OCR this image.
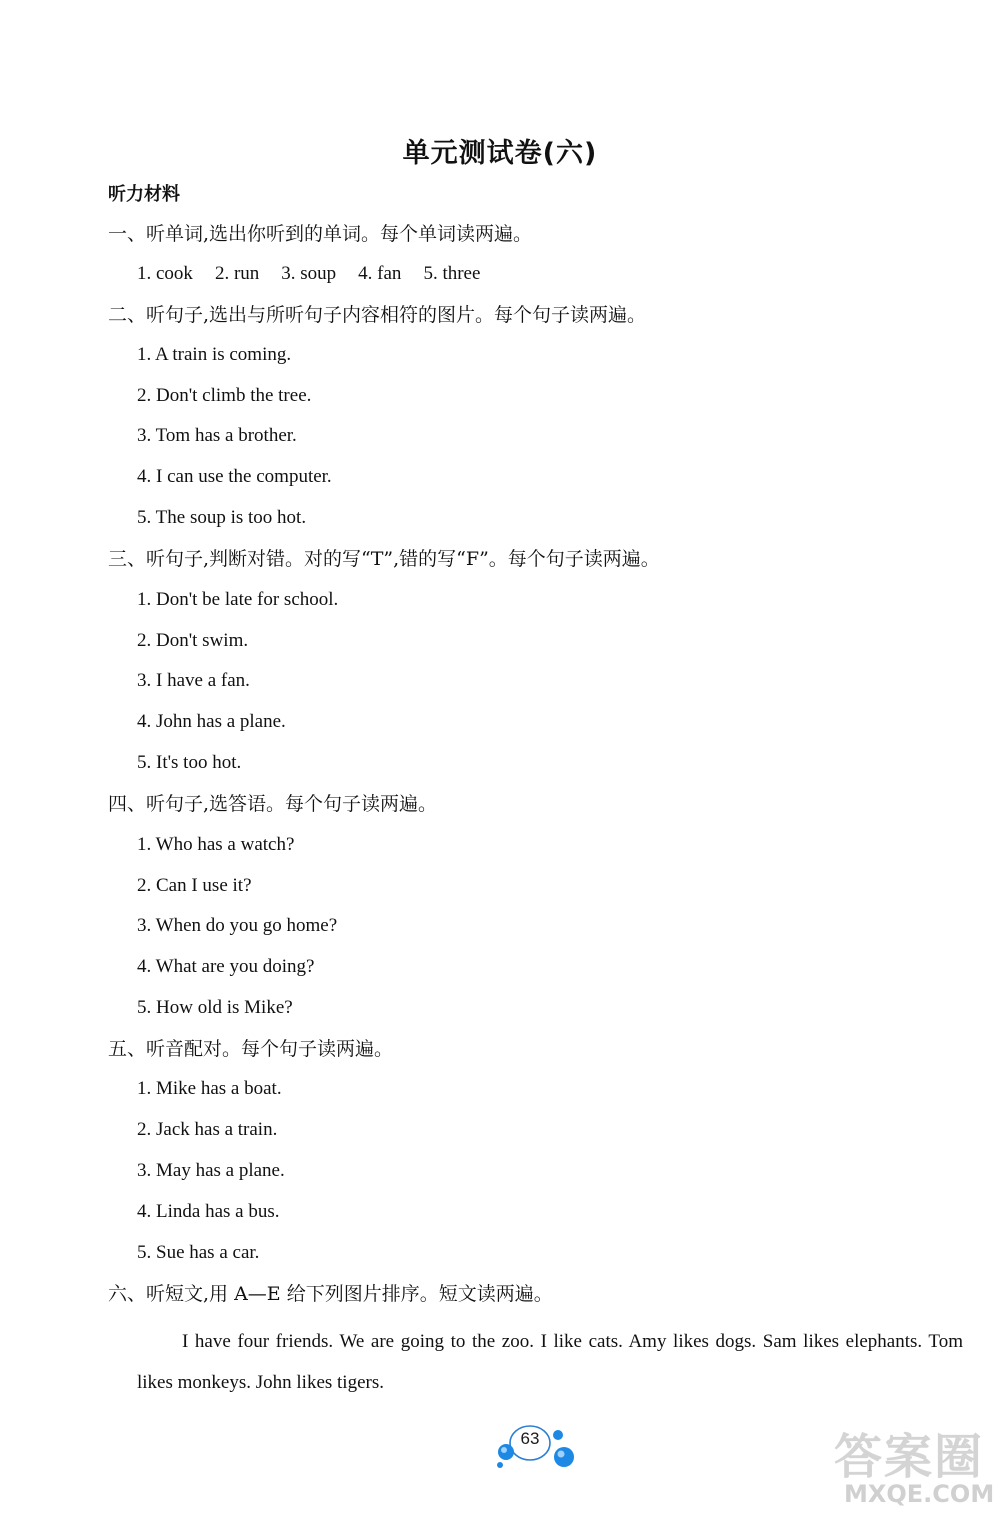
单元测试卷(六)
听力材料
一、听单词,选出你听到的单词。每个单词读两遍。
1. cook 2. run 3. soup 4. fan 5. three
二、听句子,选出与所听句子内容相符的图片。每个句子读两遍。
1. A train is coming.
2. Don't climb the tree.
3. Tom has a brother.
4. I can use the computer.
5. The soup is too hot.
三、听句子,判断对错。对的写“T”,错的写“F”。每个句子读两遍。
1. Don't be late for school.
2. Don't swim.
3. I have a fan.
4. John has a plane.
5. It's too hot.
四、听句子,选答语。每个句子读两遍。
1. Who has a watch?
2. Can I use it?
3. When do you go home?
4. What are you doing?
5. How old is Mike?
五、听音配对。每个句子读两遍。
1. Mike has a boat.
2. Jack has a train.
3. May has a plane.
4. Linda has a bus.
5. Sue has a car.
六、听短文,用 A—E 给下列图片排序。短文读两遍。
I have four friends. We are going to the zoo. I like cats. Amy likes dogs. Sam likes elephants. Tom likes monkeys. John likes tigers.
63	答案圈
MXQE.COM
